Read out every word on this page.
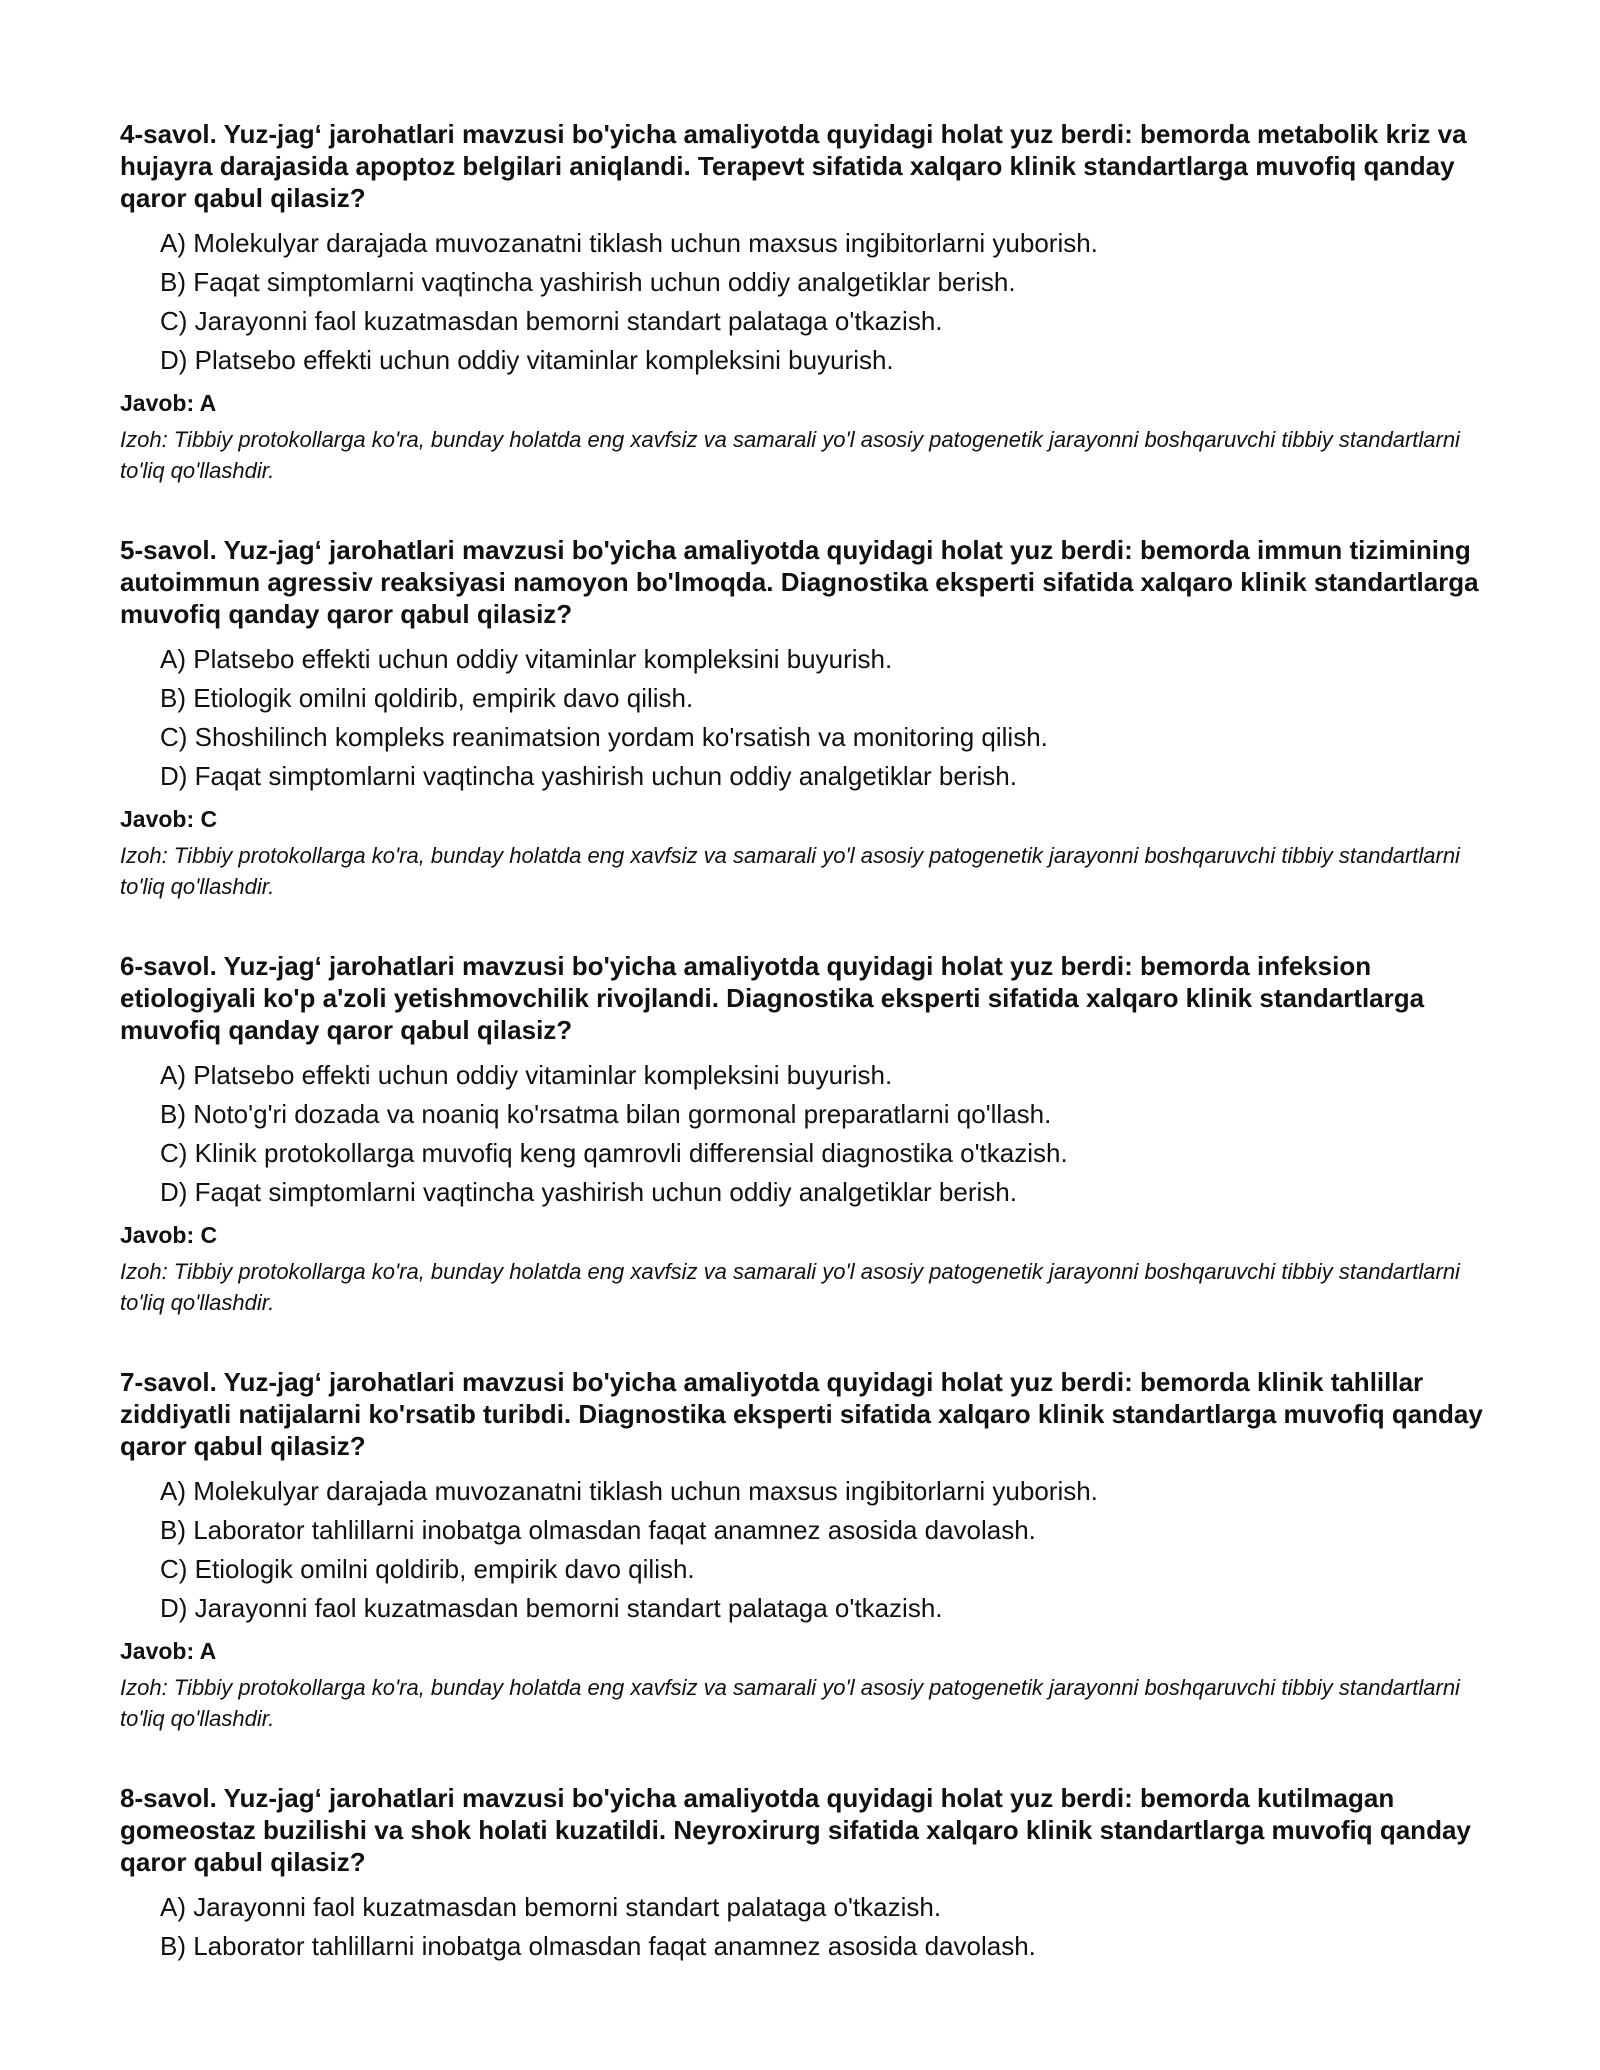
4-savol. Yuz-jag‘ jarohatlari mavzusi bo'yicha amaliyotda quyidagi holat yuz berdi: bemorda metabolik kriz va hujayra darajasida apoptoz belgilari aniqlandi. Terapevt sifatida xalqaro klinik standartlarga muvofiq qanday qaror qabul qilasiz?

A) Molekulyar darajada muvozanatni tiklash uchun maxsus ingibitorlarni yuborish.
B) Faqat simptomlarni vaqtincha yashirish uchun oddiy analgetiklar berish.
C) Jarayonni faol kuzatmasdan bemorni standart palataga o'tkazish.
D) Platsebo effekti uchun oddiy vitaminlar kompleksini buyurish.
Javob: A
Izoh: Tibbiy protokollarga ko'ra, bunday holatda eng xavfsiz va samarali yo'l asosiy patogenetik jarayonni boshqaruvchi tibbiy standartlarni to'liq qo'llashdir.

5-savol. Yuz-jag‘ jarohatlari mavzusi bo'yicha amaliyotda quyidagi holat yuz berdi: bemorda immun tizimining autoimmun agressiv reaksiyasi namoyon bo'lmoqda. Diagnostika eksperti sifatida xalqaro klinik standartlarga muvofiq qanday qaror qabul qilasiz?

A) Platsebo effekti uchun oddiy vitaminlar kompleksini buyurish.
B) Etiologik omilni qoldirib, empirik davo qilish.
C) Shoshilinch kompleks reanimatsion yordam ko'rsatish va monitoring qilish.
D) Faqat simptomlarni vaqtincha yashirish uchun oddiy analgetiklar berish.
Javob: C
Izoh: Tibbiy protokollarga ko'ra, bunday holatda eng xavfsiz va samarali yo'l asosiy patogenetik jarayonni boshqaruvchi tibbiy standartlarni to'liq qo'llashdir.

6-savol. Yuz-jag‘ jarohatlari mavzusi bo'yicha amaliyotda quyidagi holat yuz berdi: bemorda infeksion etiologiyali ko'p a'zoli yetishmovchilik rivojlandi. Diagnostika eksperti sifatida xalqaro klinik standartlarga muvofiq qanday qaror qabul qilasiz?

A) Platsebo effekti uchun oddiy vitaminlar kompleksini buyurish.
B) Noto'g'ri dozada va noaniq ko'rsatma bilan gormonal preparatlarni qo'llash.
C) Klinik protokollarga muvofiq keng qamrovli differensial diagnostika o'tkazish.
D) Faqat simptomlarni vaqtincha yashirish uchun oddiy analgetiklar berish.
Javob: C
Izoh: Tibbiy protokollarga ko'ra, bunday holatda eng xavfsiz va samarali yo'l asosiy patogenetik jarayonni boshqaruvchi tibbiy standartlarni to'liq qo'llashdir.

7-savol. Yuz-jag‘ jarohatlari mavzusi bo'yicha amaliyotda quyidagi holat yuz berdi: bemorda klinik tahlillar ziddiyatli natijalarni ko'rsatib turibdi. Diagnostika eksperti sifatida xalqaro klinik standartlarga muvofiq qanday qaror qabul qilasiz?

A) Molekulyar darajada muvozanatni tiklash uchun maxsus ingibitorlarni yuborish.
B) Laborator tahlillarni inobatga olmasdan faqat anamnez asosida davolash.
C) Etiologik omilni qoldirib, empirik davo qilish.
D) Jarayonni faol kuzatmasdan bemorni standart palataga o'tkazish.
Javob: A
Izoh: Tibbiy protokollarga ko'ra, bunday holatda eng xavfsiz va samarali yo'l asosiy patogenetik jarayonni boshqaruvchi tibbiy standartlarni to'liq qo'llashdir.

8-savol. Yuz-jag‘ jarohatlari mavzusi bo'yicha amaliyotda quyidagi holat yuz berdi: bemorda kutilmagan gomeostaz buzilishi va shok holati kuzatildi. Neyroxirurg sifatida xalqaro klinik standartlarga muvofiq qanday qaror qabul qilasiz?

A) Jarayonni faol kuzatmasdan bemorni standart palataga o'tkazish.
B) Laborator tahlillarni inobatga olmasdan faqat anamnez asosida davolash.
